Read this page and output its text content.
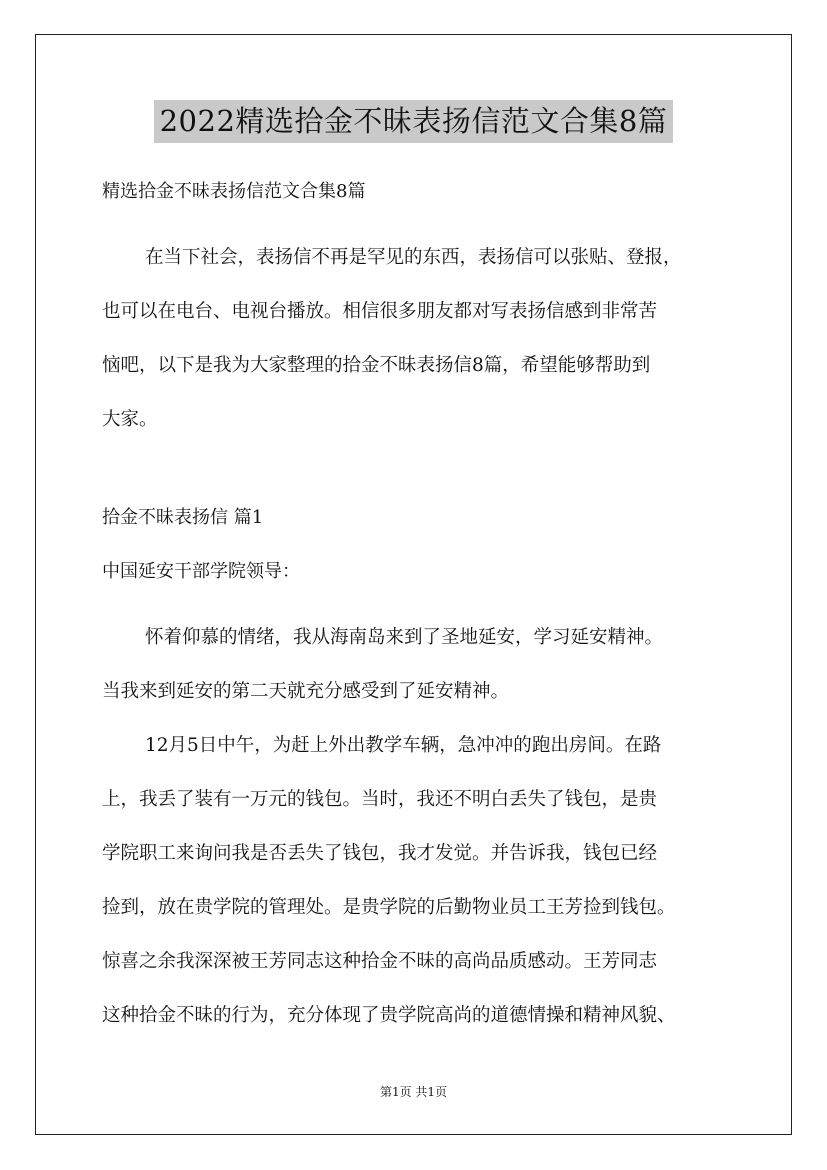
2022精选拾金不昧表扬信范文合集8篇
精选拾金不昧表扬信范文合集8篇

在当下社会，表扬信不再是罕见的东西，表扬信可以张贴、登报，

也可以在电台、电视台播放。相信很多朋友都对写表扬信感到非常苦

恼吧，以下是我为大家整理的拾金不昧表扬信8篇，希望能够帮助到

大家。

拾金不昧表扬信 篇1
中国延安干部学院领导：

怀着仰慕的情绪，我从海南岛来到了圣地延安，学习延安精神。

当我来到延安的第二天就充分感受到了延安精神。

12月5日中午，为赶上外出教学车辆，急冲冲的跑出房间。在路

上，我丢了装有一万元的钱包。当时，我还不明白丢失了钱包，是贵

学院职工来询问我是否丢失了钱包，我才发觉。并告诉我，钱包已经

捡到，放在贵学院的管理处。是贵学院的后勤物业员工王芳捡到钱包。

惊喜之余我深深被王芳同志这种拾金不昧的高尚品质感动。王芳同志

这种拾金不昧的行为，充分体现了贵学院高尚的道德情操和精神风貌、

第1页 共1页
